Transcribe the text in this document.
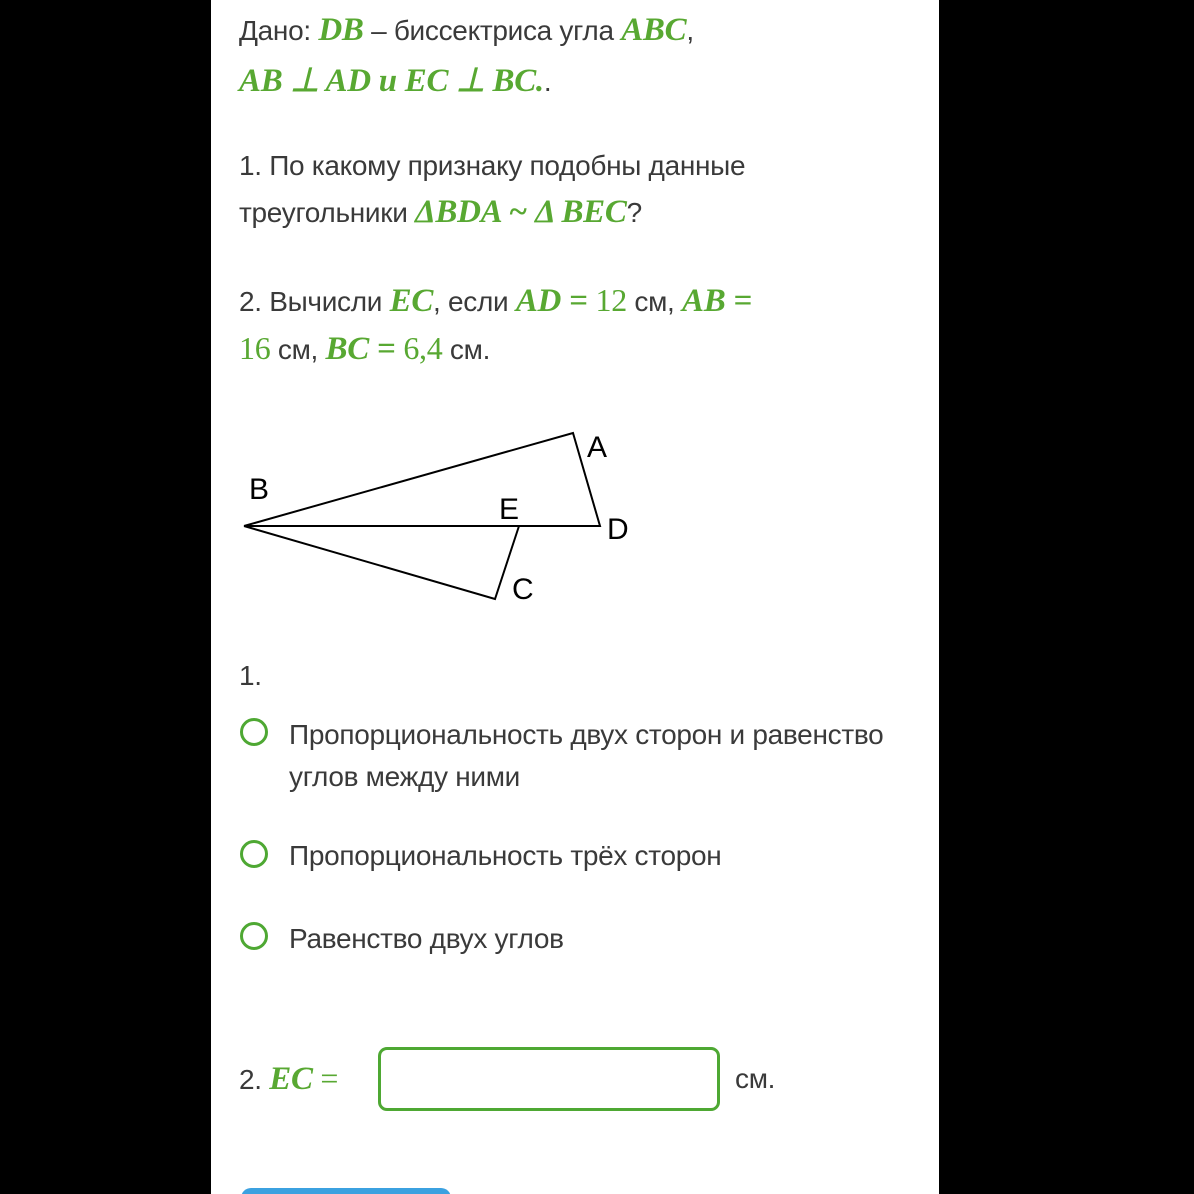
Дано: DB – биссектриса угла ABC,
AB ⊥ AD и EC ⊥ BC..
1. По какому признаку подобны данные
треугольники ΔBDA ~ Δ BEC?
2. Вычисли EC, если AD = 12 см, AB =
16 см, BC = 6,4 см.
A
B
E
D
C
1.
Пропорциональность двух сторон и равенство углов между ними
Пропорциональность трёх сторон
Равенство двух углов
2. EC =	см.
